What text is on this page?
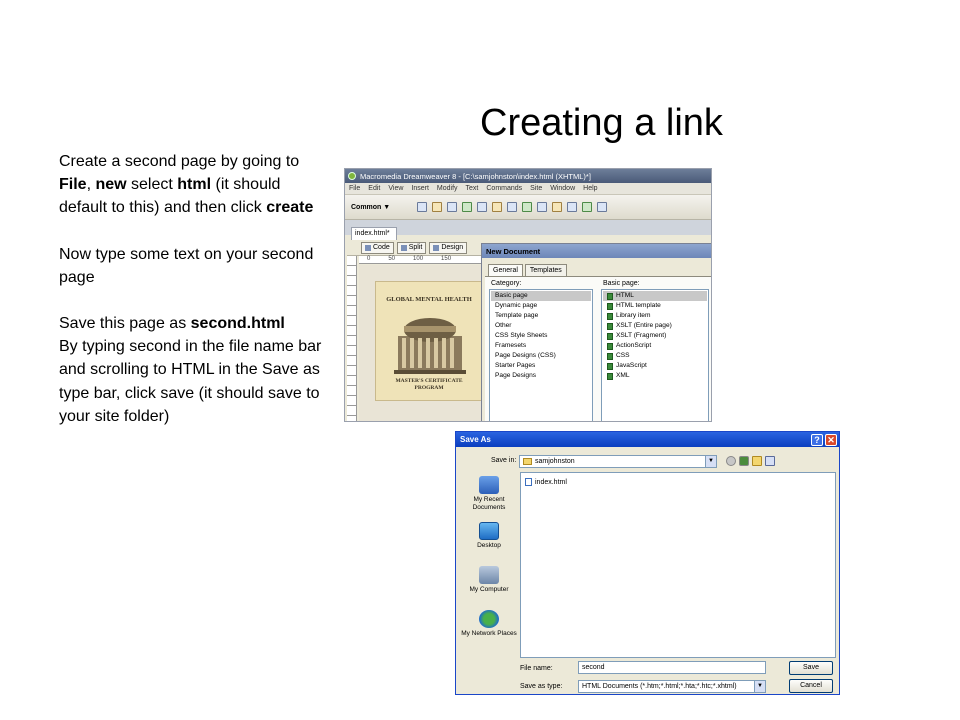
Creating a link

Create a second page by going to File, new select html (it should default to this) and then click create

Now type some text on your second page

Save this page as second.html

By typing second in the file name bar and scrolling to HTML in the Save as type bar, click save (it should save to your site folder)

Macromedia Dreamweaver 8 - [C:\samjohnston\index.html (XHTML)*]
File Edit View Insert Modify Text Commands Site Window Help
Common ▼
index.html*
Code	Split	Design
0	50	100	150
GLOBAL MENTAL HEALTH
MASTER'S CERTIFICATE
PROGRAM
New Document
General	Templates
Category:
Basic page
Dynamic page
Template page
Other
CSS Style Sheets
Framesets
Page Designs (CSS)
Starter Pages
Page Designs
Basic page:
HTML
HTML template
Library item
XSLT (Entire page)
XSLT (Fragment)
ActionScript
CSS
JavaScript
XML
Save As	? ✕
Save in:	samjohnston	▼
My Recent Documents
Desktop
My Computer
My Network Places
index.html
File name:	second
Save as type:	HTML Documents (*.htm;*.html;*.hta;*.htc;*.xhtml)	▼
Save
Cancel
